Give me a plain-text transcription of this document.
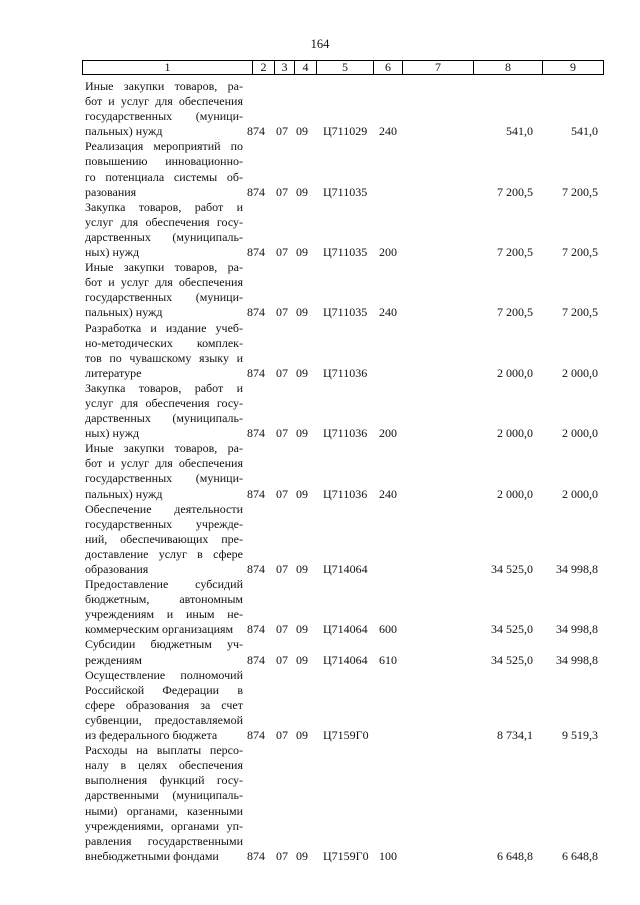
164
1	2	3	4	5	6	7	8	9
Иные закупки товаров, ра-
бот и услуг для обеспечения
государственных (муници-
пальных) нужд	874 07 09 Ц711029 240	541,0	541,0
Реализация мероприятий по
повышению инновационно-
го потенциала системы об-
разования	874 07 09 Ц711035	7 200,5 7 200,5
Закупка товаров, работ и
услуг для обеспечения госу-
дарственных (муниципаль-
ных) нужд	874 07 09 Ц711035 200	7 200,5 7 200,5
Иные закупки товаров, ра-
бот и услуг для обеспечения
государственных (муници-
пальных) нужд	874 07 09 Ц711035 240	7 200,5 7 200,5
Разработка и издание учеб-
но-методических комплек-
тов по чувашскому языку и
литературе	874 07 09 Ц711036	2 000,0 2 000,0
Закупка товаров, работ и
услуг для обеспечения госу-
дарственных (муниципаль-
ных) нужд	874 07 09 Ц711036 200	2 000,0 2 000,0
Иные закупки товаров, ра-
бот и услуг для обеспечения
государственных (муници-
пальных) нужд	874 07 09 Ц711036 240	2 000,0 2 000,0
Обеспечение деятельности
государственных учрежде-
ний, обеспечивающих пре-
доставление услуг в сфере
образования	874 07 09 Ц714064	34 525,0 34 998,8
Предоставление субсидий
бюджетным, автономным
учреждениям и иным не-
коммерческим организациям	874 07 09 Ц714064 600	34 525,0 34 998,8
Субсидии бюджетным уч-
реждениям	874 07 09 Ц714064 610	34 525,0 34 998,8
Осуществление полномочий
Российской Федерации в
сфере образования за счет
субвенции, предоставляемой
из федерального бюджета	874 07 09 Ц7159Г0	8 734,1 9 519,3
Расходы на выплаты персо-
налу в целях обеспечения
выполнения функций госу-
дарственными (муниципаль-
ными) органами, казенными
учреждениями, органами уп-
равления государственными
внебюджетными фондами	874 07 09 Ц7159Г0 100	6 648,8 6 648,8
